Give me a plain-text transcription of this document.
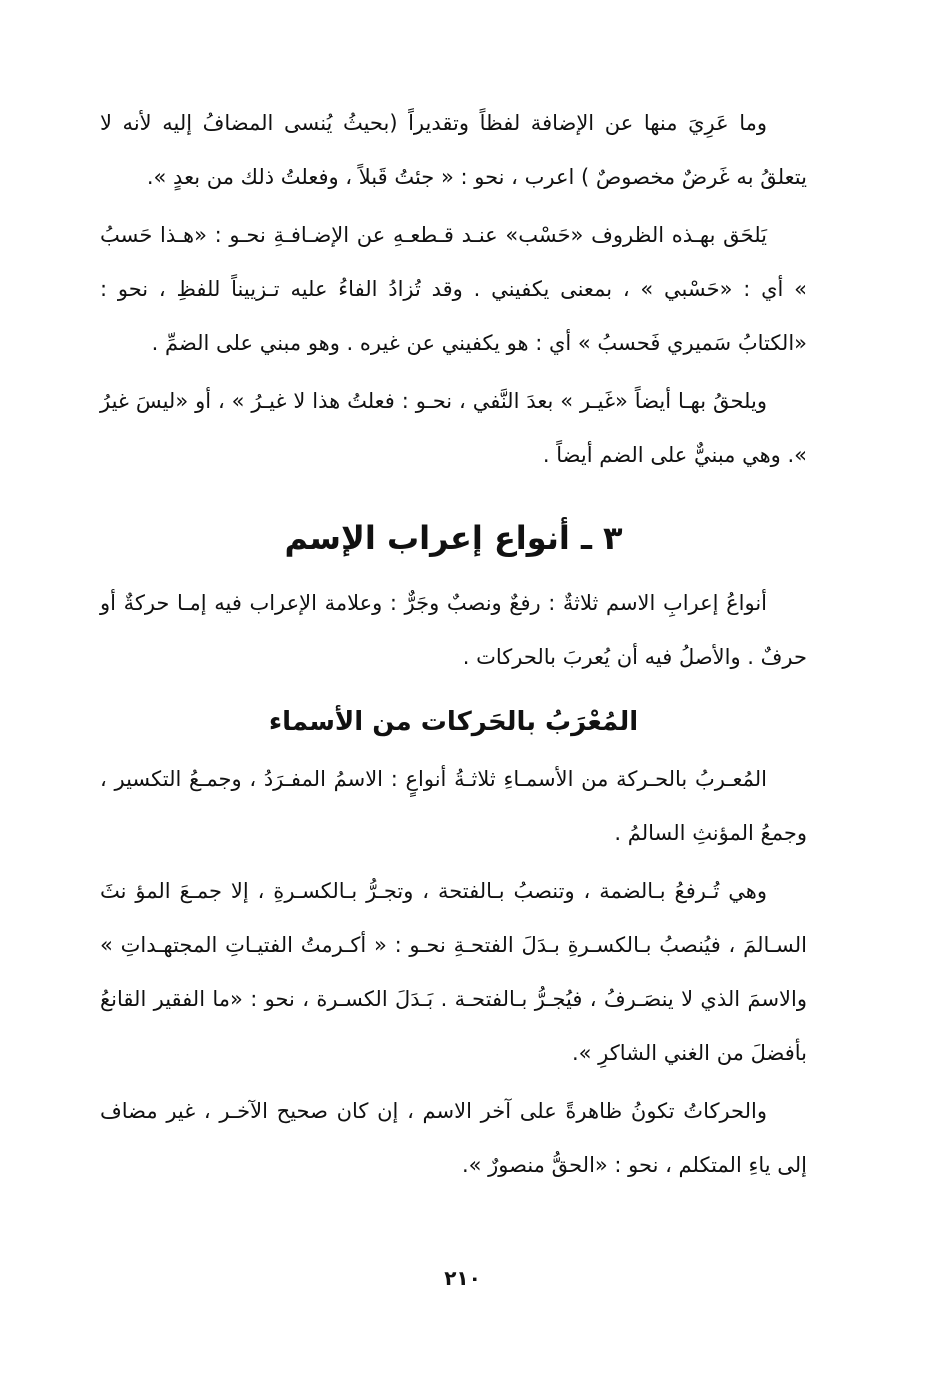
وما عَرِيَ منها عن الإضافة لفظاً وتقديراً (بحيثُ يُنسى المضافُ إليه لأنه لا يتعلقُ به غَرضٌ مخصوصٌ ) اعرب ، نحو : « جئتُ قَبلاً ، وفعلتُ ذلك من بعدٍ ».

يَلحَق بهـذه الظروف «حَسْب» عنـد قـطعـهِ عن الإضـافـةِ نحـو : «هـذا حَسبُ » أي : «حَسْبي » ، بمعنى يكفيني . وقد تُزادُ الفاءُ عليه تـزييناً للفظِ ، نحو : «الكتابُ سَميري فَحسبُ » أي : هو يكفيني عن غيره . وهو مبني على الضمِّ .

ويلحقُ بهـا أيضاً «غَيـر » بعدَ النَّفي ، نحـو : فعلتُ هذا لا غيـرُ » ، أو «ليسَ غيرُ ». وهي مبنيٌّ على الضم أيضاً .

٣ ـ أنواع إعراب الإسم

أنواعُ إعرابِ الاسم ثلاثةٌ : رفعٌ ونصبٌ وجَرٌّ : وعلامة الإعراب فيه إمـا حركةٌ أو حرفٌ . والأصلُ فيه أن يُعربَ بالحركات .

المُعْرَبُ بالحَركات من الأسماء

المُعـربُ بالحـركة من الأسمـاءِ ثلاثـةُ أنواعٍ : الاسمُ المفـرَدُ ، وجمـعُ التكسير ، وجمعُ المؤنثِ السالمُ .

وهي تُـرفعُ بـالضمة ، وتنصبُ بـالفتحة ، وتجـرُّ بـالكسـرةِ ، إلا جمـعَ المؤ نثَ السـالمَ ، فيُنصبُ بـالكسـرةِ بـدَلَ الفتحـةِ نحـو : « أكـرمتُ الفتيـاتِ المجتهـداتِ » والاسمَ الذي لا ينصَـرفُ ، فيُجـرُّ بـالفتحـة . بَـدَلَ الكسـرة ، نحو : «ما الفقير القانعُ بأفضلَ من الغني الشاكرِ ».

والحركاتُ تكونُ ظاهرةً على آخر الاسم ، إن كان صحيح الآخـر ، غير مضاف إلى ياءِ المتكلم ، نحو : «الحقُّ منصورٌ ».

٢١٠
